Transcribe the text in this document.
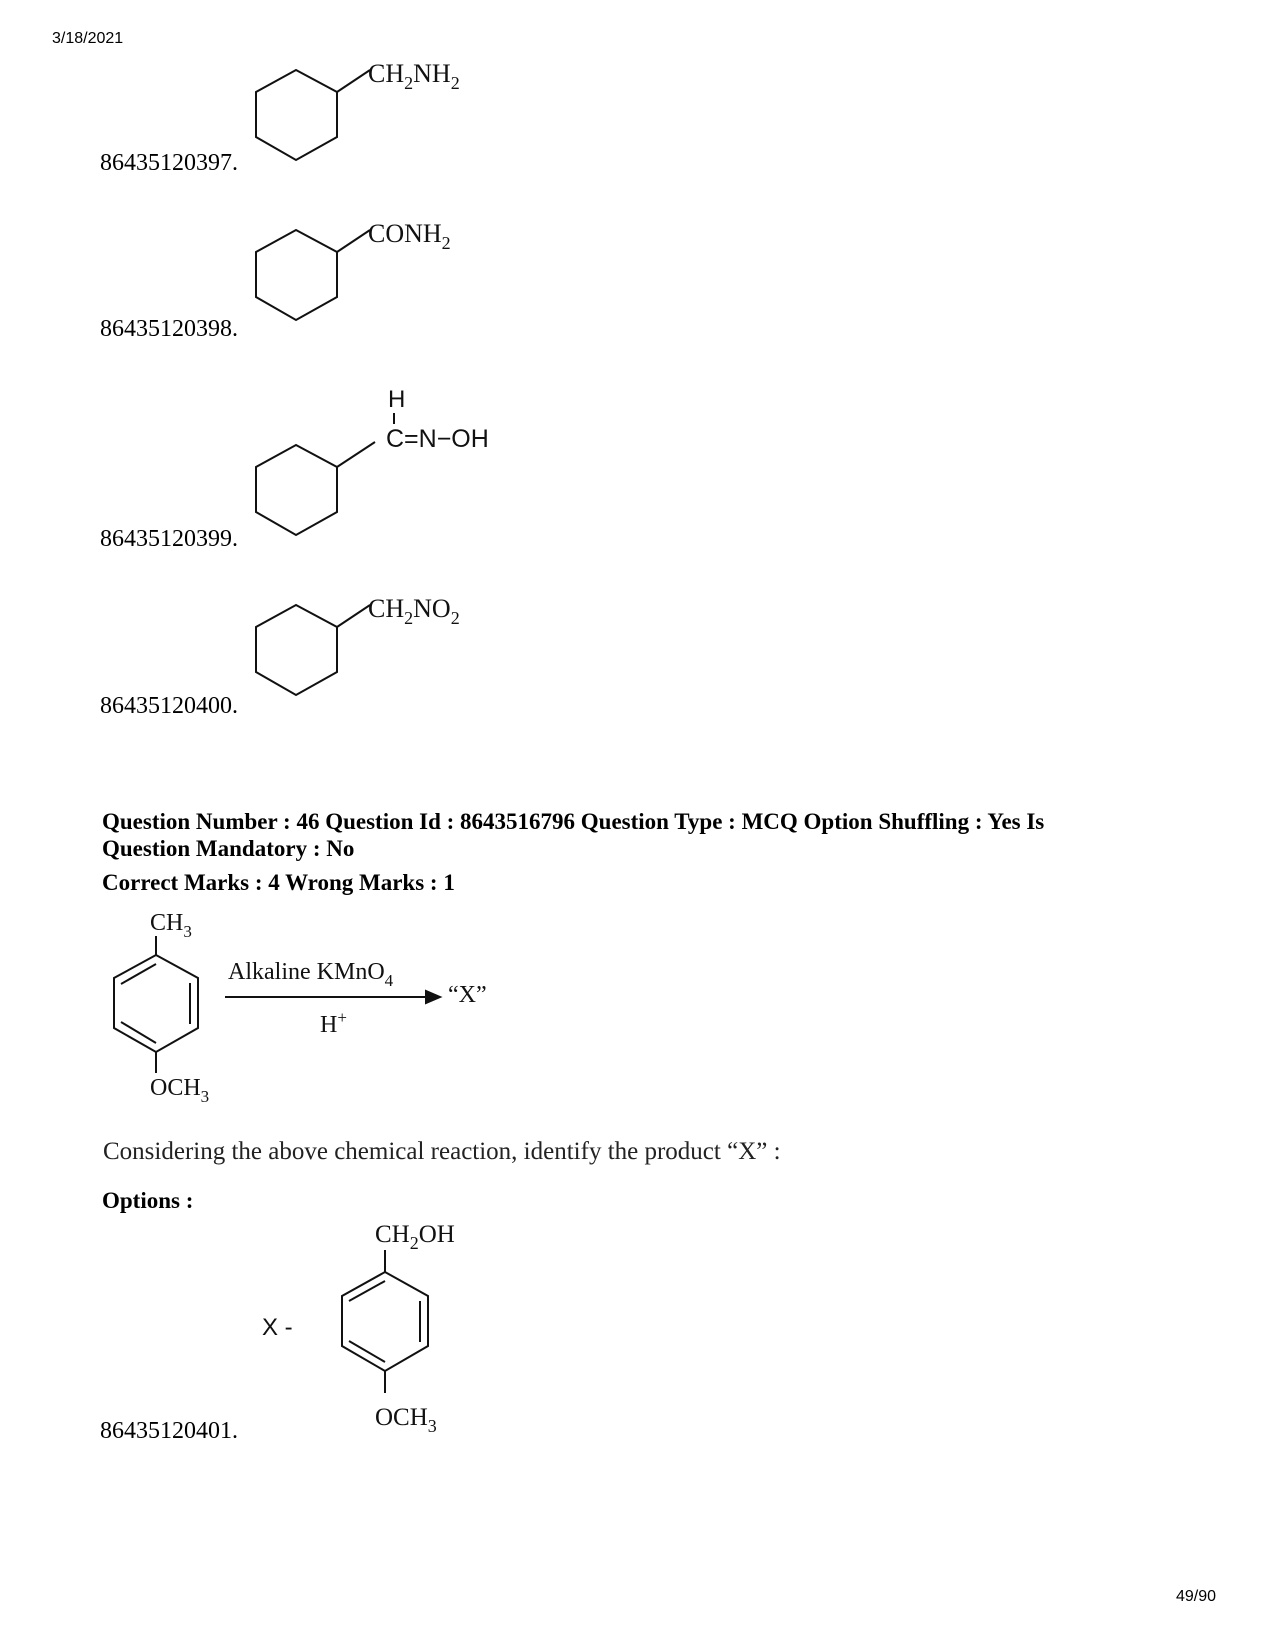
3/18/2021
86435120397.
$CH_2NH_2$
86435120398.
$CONH_2$
86435120399.
H
C=N−OH
86435120400.
$CH_2NO_2$
Question Number : 46 Question Id : 8643516796 Question Type : MCQ Option Shuffling : Yes Is
Question Mandatory : No
Correct Marks : 4 Wrong Marks : 1
$CH_3$
$OCH_3$
Alkaline KMnO$_4$
H+
“X”
Considering the above chemical reaction, identify the product “X” :
Options :
86435120401.
X -
$CH_2OH$
$OCH_3$
49/90
